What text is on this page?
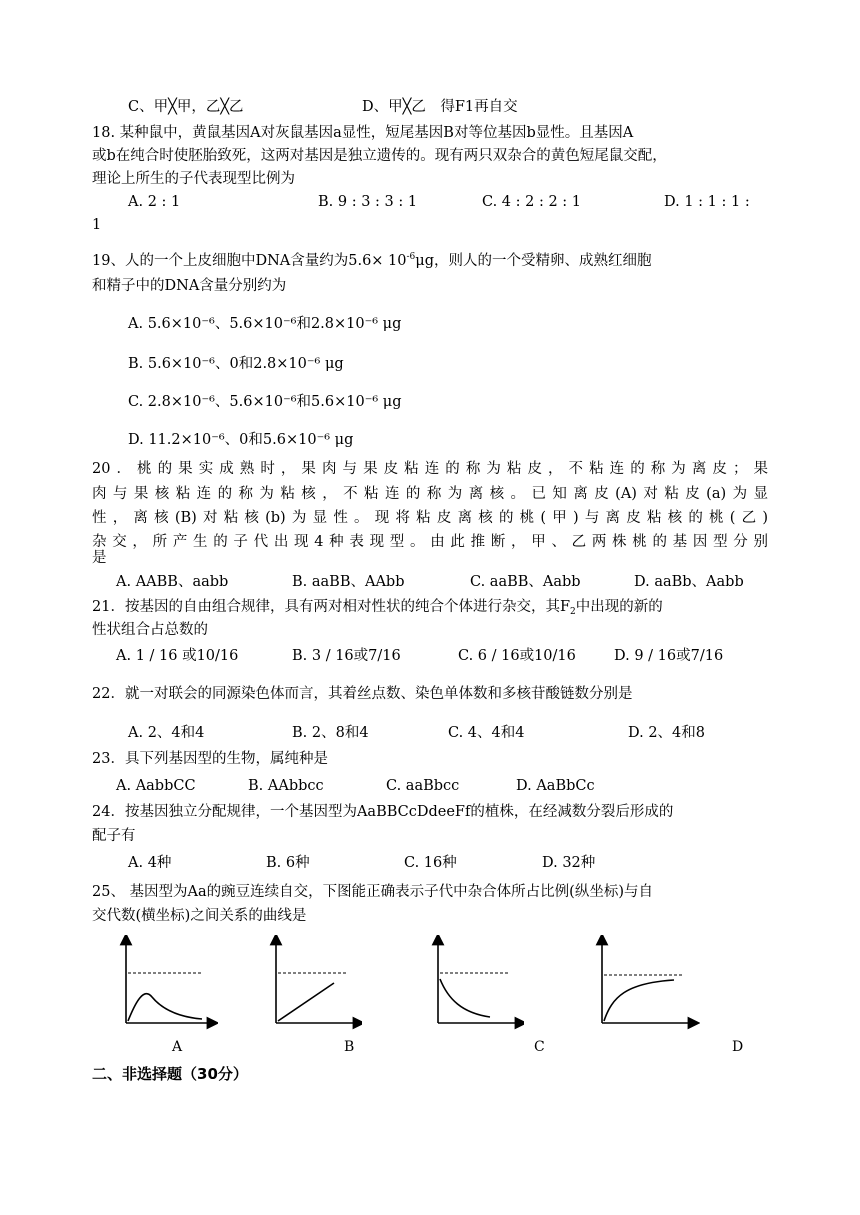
C、甲╳甲，乙╳乙	D、甲╳乙　得F1再自交
18. 某种鼠中，黄鼠基因A对灰鼠基因a显性，短尾基因B对等位基因b显性。且基因A
或b在纯合时使胚胎致死，这两对基因是独立遗传的。现有两只双杂合的黄色短尾鼠交配，
理论上所生的子代表现型比例为
A. 2 : 1	B. 9 : 3 : 3 : 1	C. 4 : 2 : 2 : 1	D. 1 : 1 : 1 :
1
19、人的一个上皮细胞中DNA含量约为$5.6\times 10^{-6}\mu g$，则人的一个受精卵、成熟红细胞
和精子中的DNA含量分别约为
A. 5.6×10⁻⁶、5.6×10⁻⁶和2.8×10⁻⁶ μg
B. 5.6×10⁻⁶、0和2.8×10⁻⁶ μg
C. 2.8×10⁻⁶、5.6×10⁻⁶和5.6×10⁻⁶ μg
D. 11.2×10⁻⁶、0和5.6×10⁻⁶ μg
20．桃的果实成熟时，果肉与果皮粘连的称为粘皮，不粘连的称为离皮；果
肉与果核粘连的称为粘核，不粘连的称为离核。已知离皮(A)对粘皮(a)为显
性，离核(B)对粘核(b)为显性。现将粘皮离核的桃(甲)与离皮粘核的桃(乙)
杂交，所产生的子代出现4种表现型。由此推断，甲、乙两株桃的基因型分别
是
A. AABB、aabb	B. aaBB、AAbb	C. aaBB、Aabb	D. aaBb、Aabb
21．按基因的自由组合规律，具有两对相对性状的纯合个体进行杂交，其$F_2$中出现的新的
性状组合占总数的
A. 1 / 16 或10/16	B. 3 / 16或7/16	C. 6 / 16或10/16	D. 9 / 16或7/16
22．就一对联会的同源染色体而言，其着丝点数、染色单体数和多核苷酸链数分别是
A. 2、4和4	B. 2、8和4	C. 4、4和4	D. 2、4和8
23．具下列基因型的生物，属纯种是
A. AabbCC	B. AAbbcc	C. aaBbcc	D. AaBbCc
24．按基因独立分配规律，一个基因型为AaBBCcDdeeFf的植株，在经减数分裂后形成的
配子有
A. 4种	B. 6种	C. 16种	D. 32种
25、 基因型为Aa的豌豆连续自交，下图能正确表示子代中杂合体所占比例(纵坐标)与自
交代数(横坐标)之间关系的曲线是
A	B	C	D
二、非选择题（30分）
